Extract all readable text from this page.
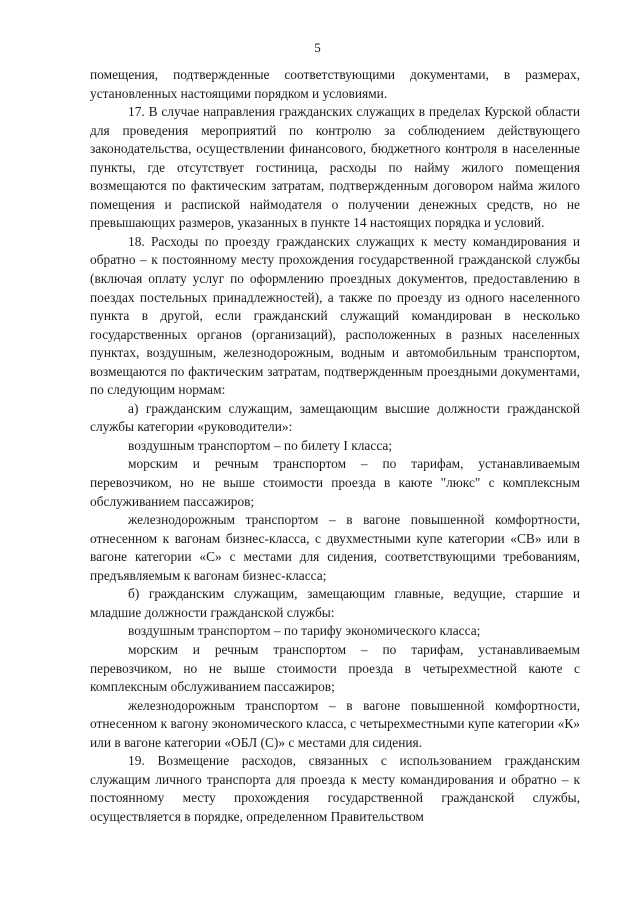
5

помещения, подтвержденные соответствующими документами, в размерах, установленных настоящими порядком и условиями.

17. В случае направления гражданских служащих в пределах Курской области для проведения мероприятий по контролю за соблюдением действующего законодательства, осуществлении финансового, бюджетного контроля в населенные пункты, где отсутствует гостиница, расходы по найму жилого помещения возмещаются по фактическим затратам, подтвержденным договором найма жилого помещения и распиской наймодателя о получении денежных средств, но не превышающих размеров, указанных в пункте 14 настоящих порядка и условий.

18. Расходы по проезду гражданских служащих к месту командирования и обратно – к постоянному месту прохождения государственной гражданской службы (включая оплату услуг по оформлению проездных документов, предоставлению в поездах постельных принадлежностей), а также по проезду из одного населенного пункта в другой, если гражданский служащий командирован в несколько государственных органов (организаций), расположенных в разных населенных пунктах, воздушным, железнодорожным, водным и автомобильным транспортом, возмещаются по фактическим затратам, подтвержденным проездными документами, по следующим нормам:

а) гражданским служащим, замещающим высшие должности гражданской службы категории «руководители»:

воздушным транспортом – по билету I класса;

морским и речным транспортом – по тарифам, устанавливаемым перевозчиком, но не выше стоимости проезда в каюте "люкс" с комплексным обслуживанием пассажиров;

железнодорожным транспортом – в вагоне повышенной комфортности, отнесенном к вагонам бизнес-класса, с двухместными купе категории «СВ» или в вагоне категории «С» с местами для сидения, соответствующими требованиям, предъявляемым к вагонам бизнес-класса;

б) гражданским служащим, замещающим главные, ведущие, старшие и младшие должности гражданской службы:

воздушным транспортом – по тарифу экономического класса;

морским и речным транспортом – по тарифам, устанавливаемым перевозчиком, но не выше стоимости проезда в четырехместной каюте с комплексным обслуживанием пассажиров;

железнодорожным транспортом – в вагоне повышенной комфортности, отнесенном к вагону экономического класса, с четырехместными купе категории «К» или в вагоне категории «ОБЛ (С)» с местами для сидения.

19. Возмещение расходов, связанных с использованием гражданским служащим личного транспорта для проезда к месту командирования и обратно – к постоянному месту прохождения государственной гражданской службы, осуществляется в порядке, определенном Правительством
